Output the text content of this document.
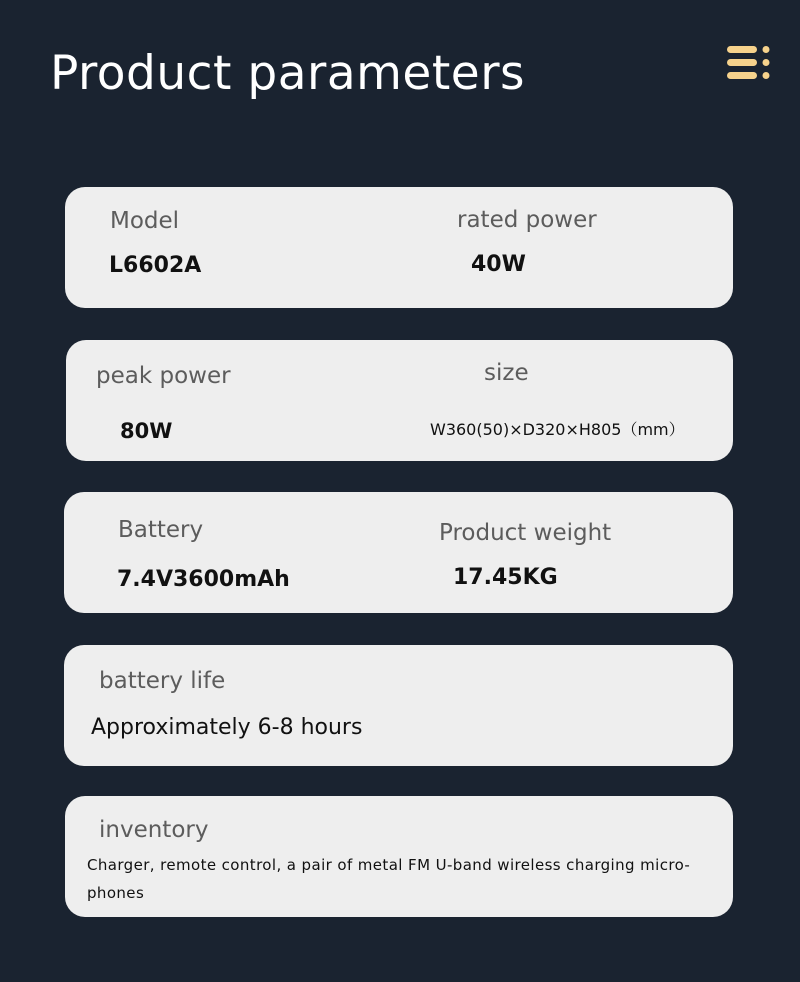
Product parameters
Model
L6602A
rated power
40W
peak power
80W
size
W360(50)×D320×H805（mm）
Battery
7.4V3600mAh
Product weight
17.45KG
battery life
Approximately 6-8 hours
inventory
Charger, remote control, a pair of metal FM U-band wireless charging micro-phones
